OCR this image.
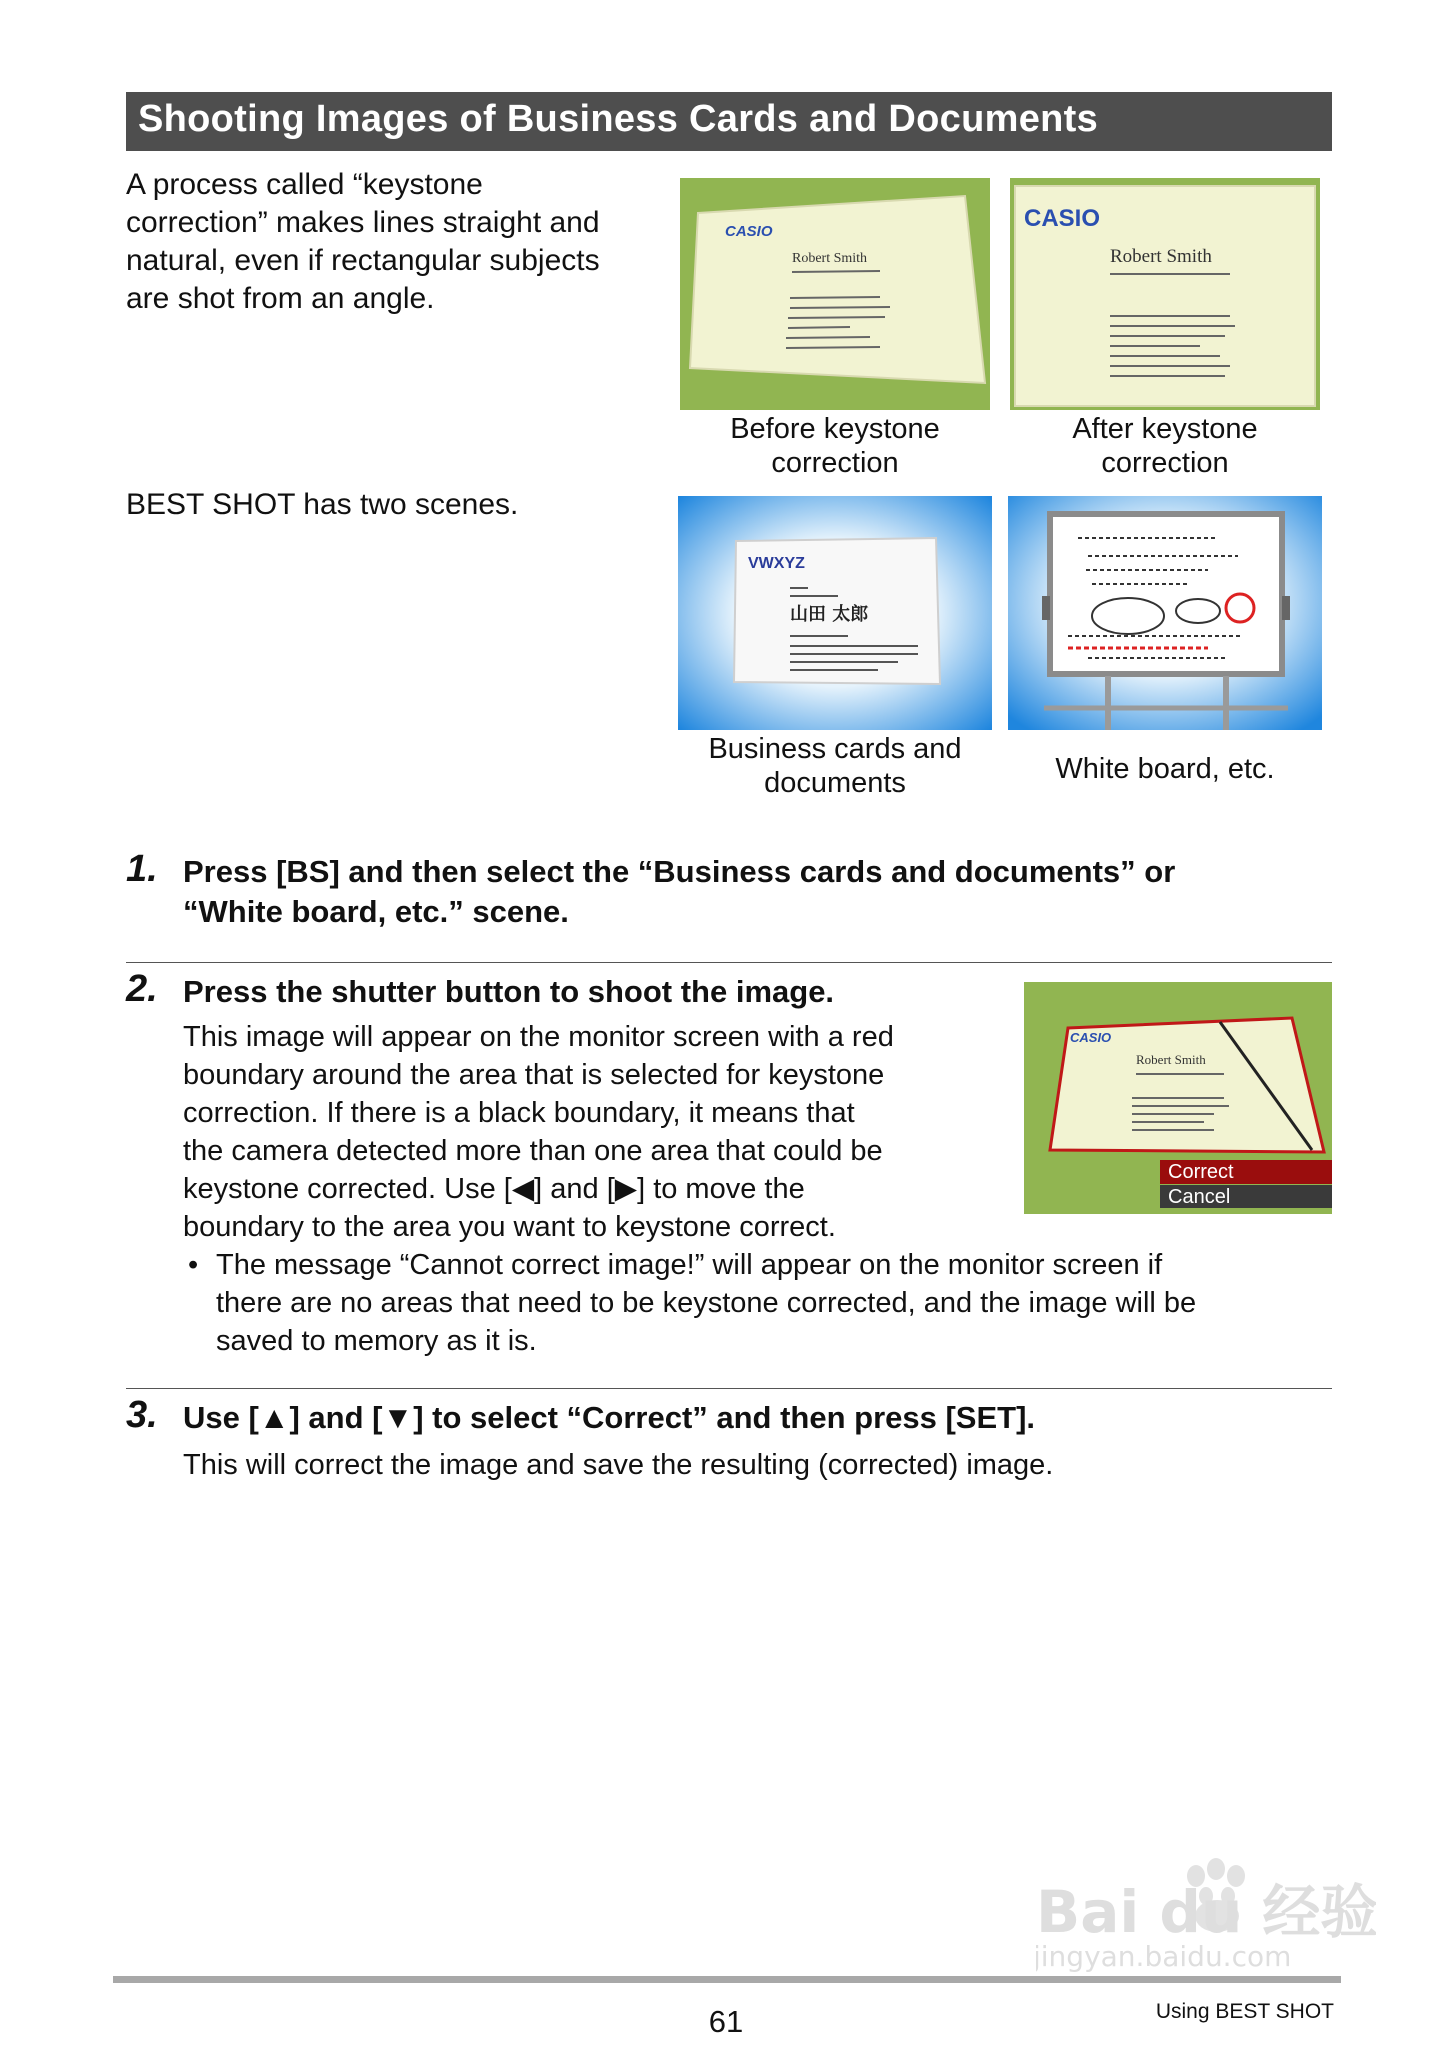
Shooting Images of Business Cards and Documents
A process called “keystone
correction” makes lines straight and
natural, even if rectangular subjects
are shot from an angle.
CASIO
Robert Smith
Before keystone
correction
CASIO
Robert Smith
After keystone
correction
BEST SHOT has two scenes.
VWXYZ
山田 太郎
Business cards and
documents	White board, etc.
1. Press [BS] and then select the “Business cards and documents” or
“White board, etc.” scene.
2. Press the shutter button to shoot the image.
This image will appear on the monitor screen with a red
boundary around the area that is selected for keystone
correction. If there is a black boundary, it means that
the camera detected more than one area that could be
keystone corrected. Use [◀] and [▶] to move the
boundary to the area you want to keystone correct.
CASIO
Robert Smith
Correct
Cancel
• The message “Cannot correct image!” will appear on the monitor screen if
there are no areas that need to be keystone corrected, and the image will be
saved to memory as it is.
3. Use [▲] and [▼] to select “Correct” and then press [SET].
This will correct the image and save the resulting (corrected) image.
Bai du 经验
jingyan.baidu.com
61	Using BEST SHOT
